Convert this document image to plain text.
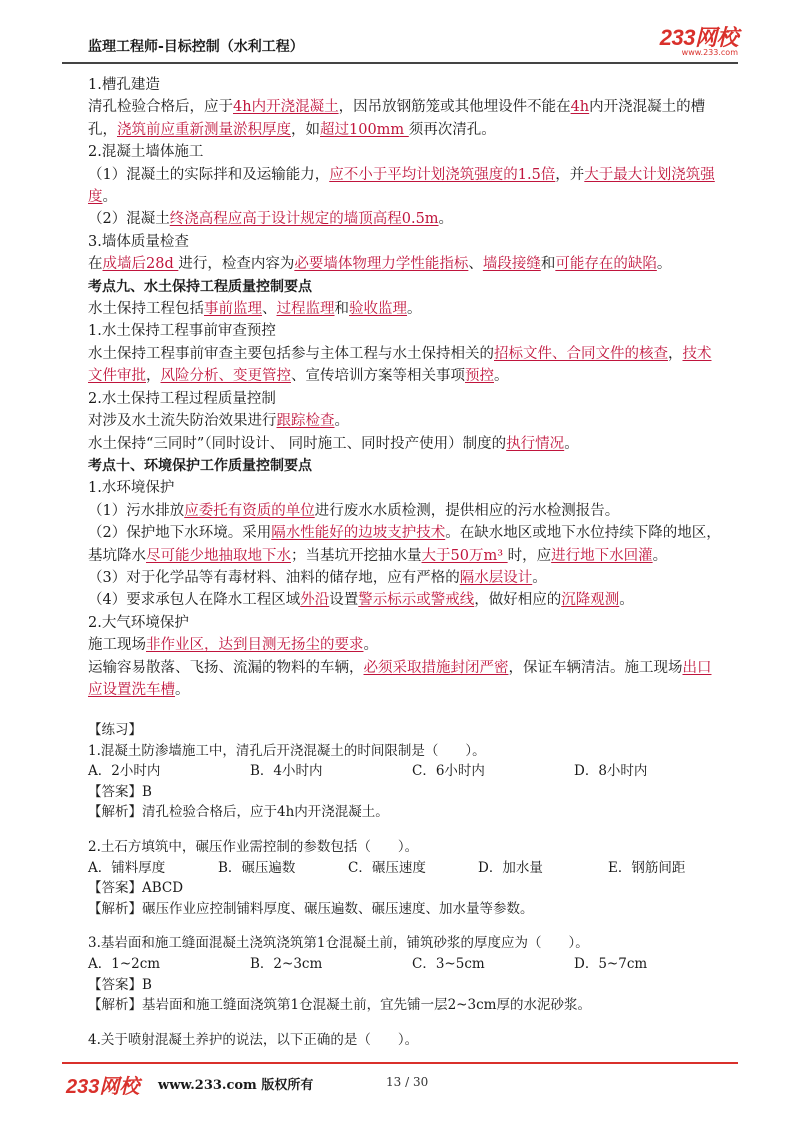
监理工程师-目标控制（水利工程）	233网校
www.233.com
1.槽孔建造
清孔检验合格后，应于4h内开浇混凝土，因吊放钢筋笼或其他埋设件不能在4h内开浇混凝土的槽
孔，浇筑前应重新测量淤积厚度，如超过100mm 须再次清孔。
2.混凝土墙体施工
（1）混凝土的实际拌和及运输能力，应不小于平均计划浇筑强度的1.5倍，并大于最大计划浇筑强
度。
（2）混凝土终浇高程应高于设计规定的墙顶高程0.5m。
3.墙体质量检查
在成墙后28d 进行，检查内容为必要墙体物理力学性能指标、墙段接缝和可能存在的缺陷。
考点九、水土保持工程质量控制要点
水土保持工程包括事前监理、过程监理和验收监理。
1.水土保持工程事前审查预控
水土保持工程事前审查主要包括参与主体工程与水土保持相关的招标文件、合同文件的核查，技术
文件审批，风险分析、变更管控、宣传培训方案等相关事项预控。
2.水土保持工程过程质量控制
对涉及水土流失防治效果进行跟踪检查。
水土保持“三同时”（同时设计、 同时施工、同时投产使用）制度的执行情况。
考点十、环境保护工作质量控制要点
1.水环境保护
（1）污水排放应委托有资质的单位进行废水水质检测，提供相应的污水检测报告。
（2）保护地下水环境。采用隔水性能好的边坡支护技术。在缺水地区或地下水位持续下降的地区，
基坑降水尽可能少地抽取地下水；当基坑开挖抽水量大于50万m³ 时，应进行地下水回灌。
（3）对于化学品等有毒材料、油料的储存地，应有严格的隔水层设计。
（4）要求承包人在降水工程区域外沿设置警示标示或警戒线，做好相应的沉降观测。
2.大气环境保护
施工现场非作业区，达到目测无扬尘的要求。
运输容易散落、飞扬、流漏的物料的车辆，必须采取措施封闭严密，保证车辆清洁。施工现场出口
应设置洗车槽。
【练习】
1.混凝土防渗墙施工中，清孔后开浇混凝土的时间限制是（　　）。
A．2小时内	B．4小时内	C．6小时内	D．8小时内
【答案】B
【解析】清孔检验合格后，应于4h内开浇混凝土。
2.土石方填筑中，碾压作业需控制的参数包括（　　）。
A．铺料厚度	B．碾压遍数	C．碾压速度	D．加水量	E．钢筋间距
【答案】ABCD
【解析】碾压作业应控制铺料厚度、碾压遍数、碾压速度、加水量等参数。
3.基岩面和施工缝面混凝土浇筑浇筑第1仓混凝土前，铺筑砂浆的厚度应为（　　）。
A．1~2cm	B．2~3cm	C．3~5cm	D．5~7cm
【答案】B
【解析】基岩面和施工缝面浇筑第1仓混凝土前，宜先铺一层2~3cm厚的水泥砂浆。
4.关于喷射混凝土养护的说法，以下正确的是（　　）。
233网校 www.233.com 版权所有	13 / 30
